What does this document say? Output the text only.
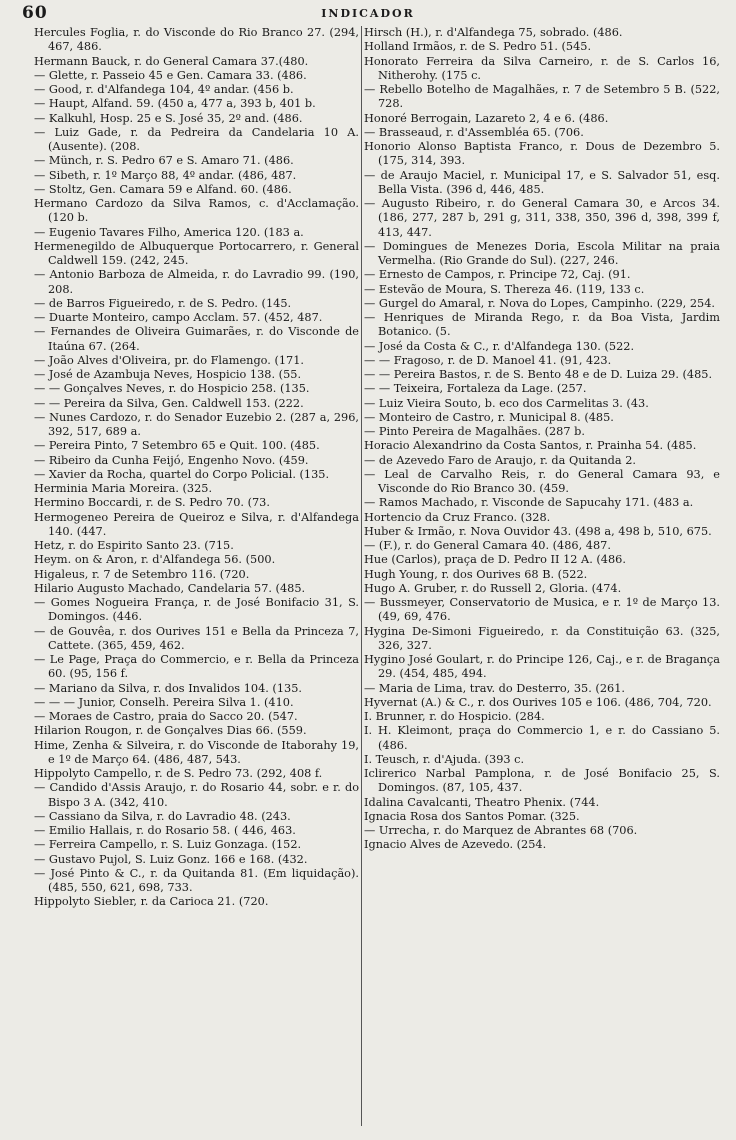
60	INDICADOR

Hercules Foglia, r. do Visconde do Rio Branco 27. (294, 467, 486.

Hermann Bauck, r. do General Camara 37.(480.

— Glette, r. Passeio 45 e Gen. Camara 33. (486.

— Good, r. d'Alfandega 104, 4º andar. (456 b.

— Haupt, Alfand. 59. (450 a, 477 a, 393 b, 401 b.

— Kalkuhl, Hosp. 25 e S. José 35, 2º and. (486.

— Luiz Gade, r. da Pedreira da Candelaria 10 A. (Ausente). (208.

— Münch, r. S. Pedro 67 e S. Amaro 71. (486.

— Sibeth, r. 1º Março 88, 4º andar. (486, 487.

— Stoltz, Gen. Camara 59 e Alfand. 60. (486.

Hermano Cardozo da Silva Ramos, c. d'Acclamação. (120 b.

— Eugenio Tavares Filho, America 120. (183 a.

Hermenegildo de Albuquerque Portocarrero, r. General Caldwell 159. (242, 245.

— Antonio Barboza de Almeida, r. do Lavradio 99. (190, 208.

— de Barros Figueiredo, r. de S. Pedro. (145.

— Duarte Monteiro, campo Acclam. 57. (452, 487.

— Fernandes de Oliveira Guimarães, r. do Visconde de Itaúna 67. (264.

— João Alves d'Oliveira, pr. do Flamengo. (171.

— José de Azambuja Neves, Hospicio 138. (55.

— — Gonçalves Neves, r. do Hospicio 258. (135.

— — Pereira da Silva, Gen. Caldwell 153. (222.

— Nunes Cardozo, r. do Senador Euzebio 2. (287 a, 296, 392, 517, 689 a.

— Pereira Pinto, 7 Setembro 65 e Quit. 100. (485.

— Ribeiro da Cunha Feijó, Engenho Novo. (459.

— Xavier da Rocha, quartel do Corpo Policial. (135.

Herminia Maria Moreira. (325.

Hermino Boccardi, r. de S. Pedro 70. (73.

Hermogeneo Pereira de Queiroz e Silva, r. d'Alfandega 140. (447.

Hetz, r. do Espirito Santo 23. (715.

Heym. on & Aron, r. d'Alfandega 56. (500.

Higaleus, r. 7 de Setembro 116. (720.

Hilario Augusto Machado, Candelaria 57. (485.

— Gomes Nogueira França, r. de José Bonifacio 31, S. Domingos. (446.

— de Gouvêa, r. dos Ourives 151 e Bella da Princeza 7, Cattete. (365, 459, 462.

— Le Page, Praça do Commercio, e r. Bella da Princeza 60. (95, 156 f.

— Mariano da Silva, r. dos Invalidos 104. (135.

— — — Junior, Conselh. Pereira Silva 1. (410.

— Moraes de Castro, praia do Sacco 20. (547.

Hilarion Rougon, r. de Gonçalves Dias 66. (559.

Hime, Zenha & Silveira, r. do Visconde de Itaborahy 19, e 1º de Março 64. (486, 487, 543.

Hippolyto Campello, r. de S. Pedro 73. (292, 408 f.

— Candido d'Assis Araujo, r. do Rosario 44, sobr. e r. do Bispo 3 A. (342, 410.

— Cassiano da Silva, r. do Lavradio 48. (243.

— Emilio Hallais, r. do Rosario 58. ( 446, 463.

— Ferreira Campello, r. S. Luiz Gonzaga. (152.

— Gustavo Pujol, S. Luiz Gonz. 166 e 168. (432.

— José Pinto & C., r. da Quitanda 81. (Em liquidação). (485, 550, 621, 698, 733.

Hippolyto Siebler, r. da Carioca 21. (720.

Hirsch (H.), r. d'Alfandega 75, sobrado. (486.

Holland Irmãos, r. de S. Pedro 51. (545.

Honorato Ferreira da Silva Carneiro, r. de S. Carlos 16, Nitherohy. (175 c.

— Rebello Botelho de Magalhães, r. 7 de Setembro 5 B. (522, 728.

Honoré Berrogain, Lazareto 2, 4 e 6. (486.

— Brasseaud, r. d'Assembléa 65. (706.

Honorio Alonso Baptista Franco, r. Dous de Dezembro 5. (175, 314, 393.

— de Araujo Maciel, r. Municipal 17, e S. Salvador 51, esq. Bella Vista. (396 d, 446, 485.

— Augusto Ribeiro, r. do General Camara 30, e Arcos 34. (186, 277, 287 b, 291 g, 311, 338, 350, 396 d, 398, 399 f, 413, 447.

— Domingues de Menezes Doria, Escola Militar na praia Vermelha. (Rio Grande do Sul). (227, 246.

— Ernesto de Campos, r. Principe 72, Caj. (91.

— Estevão de Moura, S. Thereza 46. (119, 133 c.

— Gurgel do Amaral, r. Nova do Lopes, Campinho. (229, 254.

— Henriques de Miranda Rego, r. da Boa Vista, Jardim Botanico. (5.

— José da Costa & C., r. d'Alfandega 130. (522.

— — Fragoso, r. de D. Manoel 41. (91, 423.

— — Pereira Bastos, r. de S. Bento 48 e de D. Luiza 29. (485.

— — Teixeira, Fortaleza da Lage. (257.

— Luiz Vieira Souto, b. eco dos Carmelitas 3. (43.

— Monteiro de Castro, r. Municipal 8. (485.

— Pinto Pereira de Magalhães. (287 b.

Horacio Alexandrino da Costa Santos, r. Prainha 54. (485.

— de Azevedo Faro de Araujo, r. da Quitanda 2.

— Leal de Carvalho Reis, r. do General Camara 93, e Visconde do Rio Branco 30. (459.

— Ramos Machado, r. Visconde de Sapucahy 171. (483 a.

Hortencio da Cruz Franco. (328.

Huber & Irmão, r. Nova Ouvidor 43. (498 a, 498 b, 510, 675.

— (F.), r. do General Camara 40. (486, 487.

Hue (Carlos), praça de D. Pedro II 12 A. (486.

Hugh Young, r. dos Ourives 68 B. (522.

Hugo A. Gruber, r. do Russell 2, Gloria. (474.

— Bussmeyer, Conservatorio de Musica, e r. 1º de Março 13. (49, 69, 476.

Hygina De-Simoni Figueiredo, r. da Constituição 63. (325, 326, 327.

Hygino José Goulart, r. do Principe 126, Caj., e r. de Bragança 29. (454, 485, 494.

— Maria de Lima, trav. do Desterro, 35. (261.

Hyvernat (A.) & C., r. dos Ourives 105 e 106. (486, 704, 720.

I. Brunner, r. do Hospicio. (284.

I. H. Kleimont, praça do Commercio 1, e r. do Cassiano 5. (486.

I. Teusch, r. d'Ajuda. (393 c.

Iclirerico Narbal Pamplona, r. de José Bonifacio 25, S. Domingos. (87, 105, 437.

Idalina Cavalcanti, Theatro Phenix. (744.

Ignacia Rosa dos Santos Pomar. (325.

— Urrecha, r. do Marquez de Abrantes 68 (706.

Ignacio Alves de Azevedo. (254.
